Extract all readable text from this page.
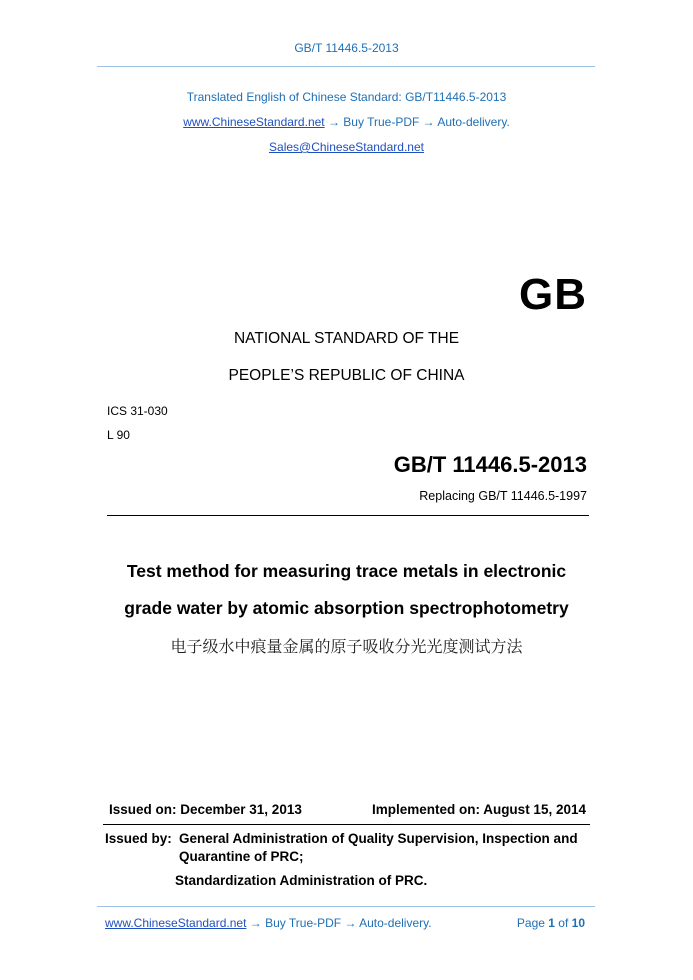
GB/T 11446.5-2013
Translated English of Chinese Standard: GB/T11446.5-2013
www.ChineseStandard.net → Buy True-PDF → Auto-delivery.
Sales@ChineseStandard.net
GB
NATIONAL STANDARD OF THE
PEOPLE’S REPUBLIC OF CHINA
ICS 31-030
L 90
GB/T 11446.5-2013
Replacing GB/T 11446.5-1997
Test method for measuring trace metals in electronic
grade water by atomic absorption spectrophotometry
电子级水中痕量金属的原子吸收分光光度测试方法
Issued on: December 31, 2013	Implemented on: August 15, 2014
Issued by: General Administration of Quality Supervision, Inspection and
Quarantine of PRC;
Standardization Administration of PRC.
www.ChineseStandard.net → Buy True-PDF → Auto-delivery.	Page 1 of 10
